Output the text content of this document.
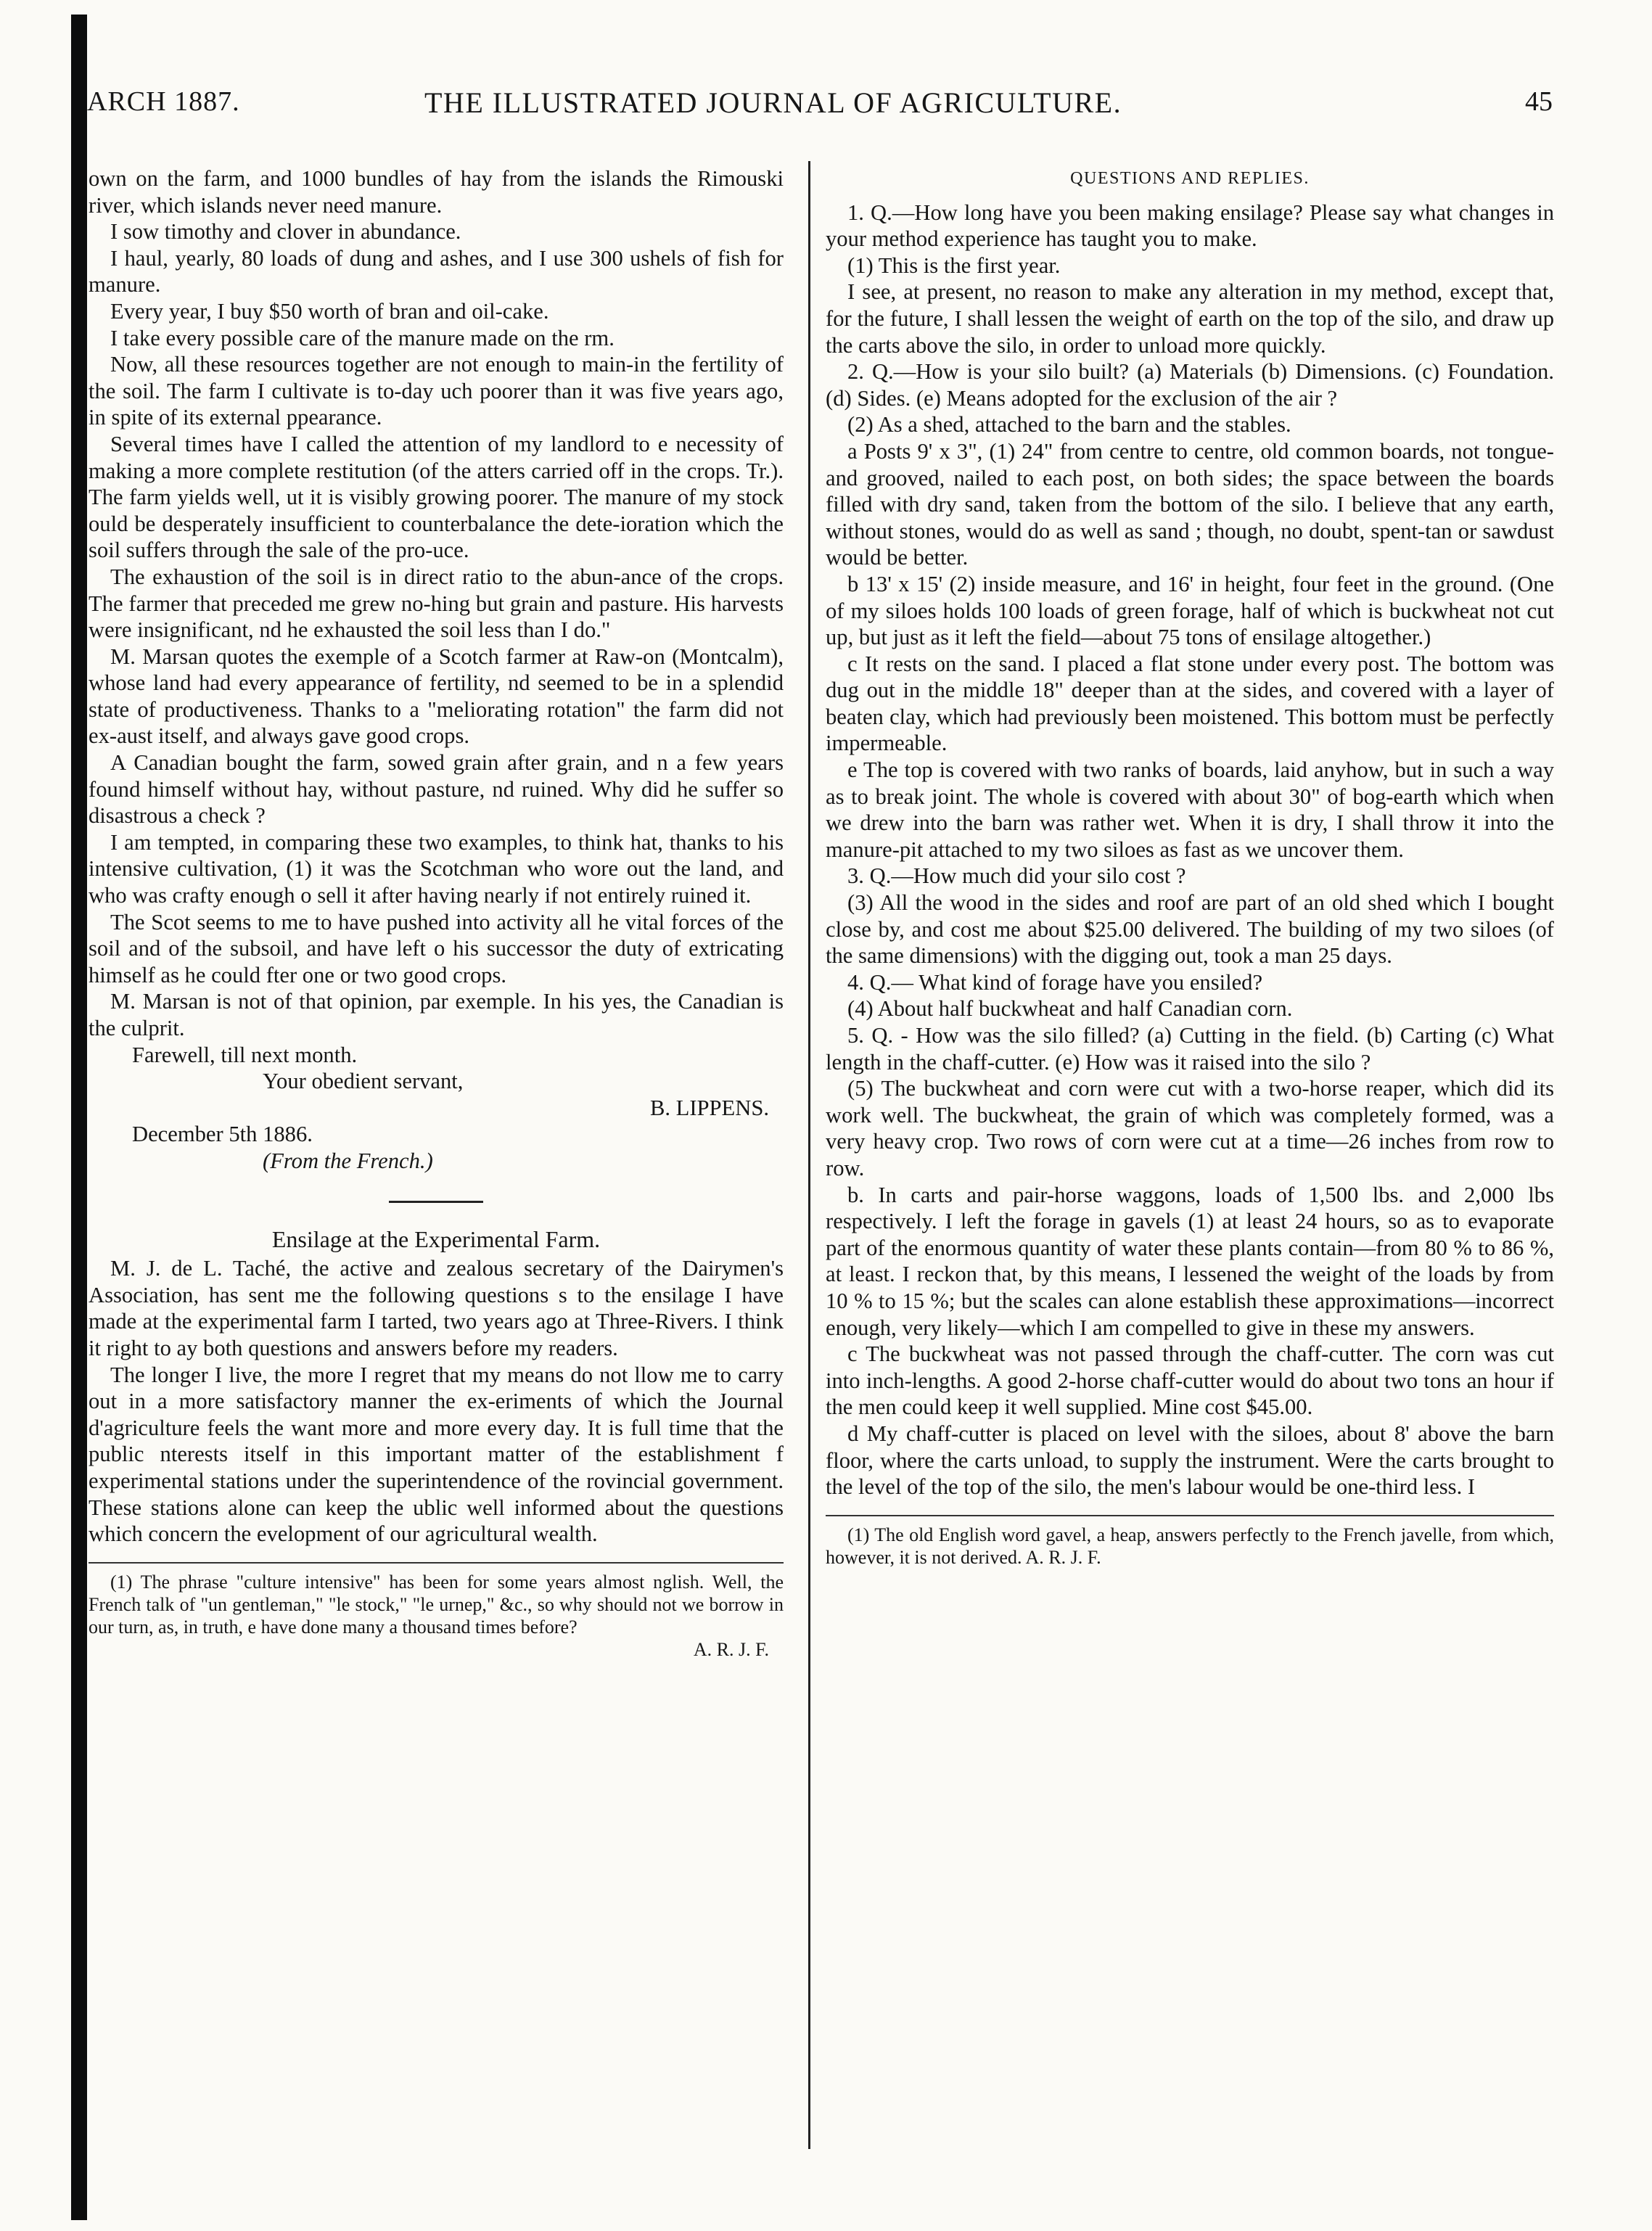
ARCH 1887.	THE ILLUSTRATED JOURNAL OF AGRICULTURE.	45

own on the farm, and 1000 bundles of hay from the islands the Rimouski river, which islands never need manure.

I sow timothy and clover in abundance.

I haul, yearly, 80 loads of dung and ashes, and I use 300 ushels of fish for manure.

Every year, I buy $50 worth of bran and oil-cake.

I take every possible care of the manure made on the rm.

Now, all these resources together are not enough to main-in the fertility of the soil. The farm I cultivate is to-day uch poorer than it was five years ago, in spite of its external ppearance.

Several times have I called the attention of my landlord to e necessity of making a more complete restitution (of the atters carried off in the crops. Tr.). The farm yields well, ut it is visibly growing poorer. The manure of my stock ould be desperately insufficient to counterbalance the dete-ioration which the soil suffers through the sale of the pro-uce.

The exhaustion of the soil is in direct ratio to the abun-ance of the crops. The farmer that preceded me grew no-hing but grain and pasture. His harvests were insignificant, nd he exhausted the soil less than I do."

M. Marsan quotes the exemple of a Scotch farmer at Raw-on (Montcalm), whose land had every appearance of fertility, nd seemed to be in a splendid state of productiveness. Thanks to a "meliorating rotation" the farm did not ex-aust itself, and always gave good crops.

A Canadian bought the farm, sowed grain after grain, and n a few years found himself without hay, without pasture, nd ruined. Why did he suffer so disastrous a check ?

I am tempted, in comparing these two examples, to think hat, thanks to his intensive cultivation, (1) it was the Scotchman who wore out the land, and who was crafty enough o sell it after having nearly if not entirely ruined it.

The Scot seems to me to have pushed into activity all he vital forces of the soil and of the subsoil, and have left o his successor the duty of extricating himself as he could fter one or two good crops.

M. Marsan is not of that opinion, par exemple. In his yes, the Canadian is the culprit.

Farewell, till next month.

Your obedient servant,

B. LIPPENS.

December 5th 1886.

(From the French.)

Ensilage at the Experimental Farm.

M. J. de L. Taché, the active and zealous secretary of the Dairymen's Association, has sent me the following questions s to the ensilage I have made at the experimental farm I tarted, two years ago at Three-Rivers. I think it right to ay both questions and answers before my readers.

The longer I live, the more I regret that my means do not llow me to carry out in a more satisfactory manner the ex-eriments of which the Journal d'agriculture feels the want more and more every day. It is full time that the public nterests itself in this important matter of the establishment f experimental stations under the superintendence of the rovincial government. These stations alone can keep the ublic well informed about the questions which concern the evelopment of our agricultural wealth.

(1) The phrase "culture intensive" has been for some years almost nglish. Well, the French talk of "un gentleman," "le stock," "le urnep," &c., so why should not we borrow in our turn, as, in truth, e have done many a thousand times before?

A. R. J. F.

QUESTIONS AND REPLIES.

1. Q.—How long have you been making ensilage? Please say what changes in your method experience has taught you to make.

(1) This is the first year.

I see, at present, no reason to make any alteration in my method, except that, for the future, I shall lessen the weight of earth on the top of the silo, and draw up the carts above the silo, in order to unload more quickly.

2. Q.—How is your silo built? (a) Materials (b) Dimensions. (c) Foundation. (d) Sides. (e) Means adopted for the exclusion of the air ?

(2) As a shed, attached to the barn and the stables.

a Posts 9' x 3", (1) 24" from centre to centre, old common boards, not tongue-and grooved, nailed to each post, on both sides; the space between the boards filled with dry sand, taken from the bottom of the silo. I believe that any earth, without stones, would do as well as sand ; though, no doubt, spent-tan or sawdust would be better.

b 13' x 15' (2) inside measure, and 16' in height, four feet in the ground. (One of my siloes holds 100 loads of green forage, half of which is buckwheat not cut up, but just as it left the field—about 75 tons of ensilage altogether.)

c It rests on the sand. I placed a flat stone under every post. The bottom was dug out in the middle 18" deeper than at the sides, and covered with a layer of beaten clay, which had previously been moistened. This bottom must be perfectly impermeable.

e The top is covered with two ranks of boards, laid anyhow, but in such a way as to break joint. The whole is covered with about 30" of bog-earth which when we drew into the barn was rather wet. When it is dry, I shall throw it into the manure-pit attached to my two siloes as fast as we uncover them.

3. Q.—How much did your silo cost ?

(3) All the wood in the sides and roof are part of an old shed which I bought close by, and cost me about $25.00 delivered. The building of my two siloes (of the same dimensions) with the digging out, took a man 25 days.

4. Q.— What kind of forage have you ensiled?

(4) About half buckwheat and half Canadian corn.

5. Q. - How was the silo filled? (a) Cutting in the field. (b) Carting (c) What length in the chaff-cutter. (e) How was it raised into the silo ?

(5) The buckwheat and corn were cut with a two-horse reaper, which did its work well. The buckwheat, the grain of which was completely formed, was a very heavy crop. Two rows of corn were cut at a time—26 inches from row to row.

b. In carts and pair-horse waggons, loads of 1,500 lbs. and 2,000 lbs respectively. I left the forage in gavels (1) at least 24 hours, so as to evaporate part of the enormous quantity of water these plants contain—from 80 % to 86 %, at least. I reckon that, by this means, I lessened the weight of the loads by from 10 % to 15 %; but the scales can alone establish these approximations—incorrect enough, very likely—which I am compelled to give in these my answers.

c The buckwheat was not passed through the chaff-cutter. The corn was cut into inch-lengths. A good 2-horse chaff-cutter would do about two tons an hour if the men could keep it well supplied. Mine cost $45.00.

d My chaff-cutter is placed on level with the siloes, about 8' above the barn floor, where the carts unload, to supply the instrument. Were the carts brought to the level of the top of the silo, the men's labour would be one-third less. I

(1) The old English word gavel, a heap, answers perfectly to the French javelle, from which, however, it is not derived. A. R. J. F.
